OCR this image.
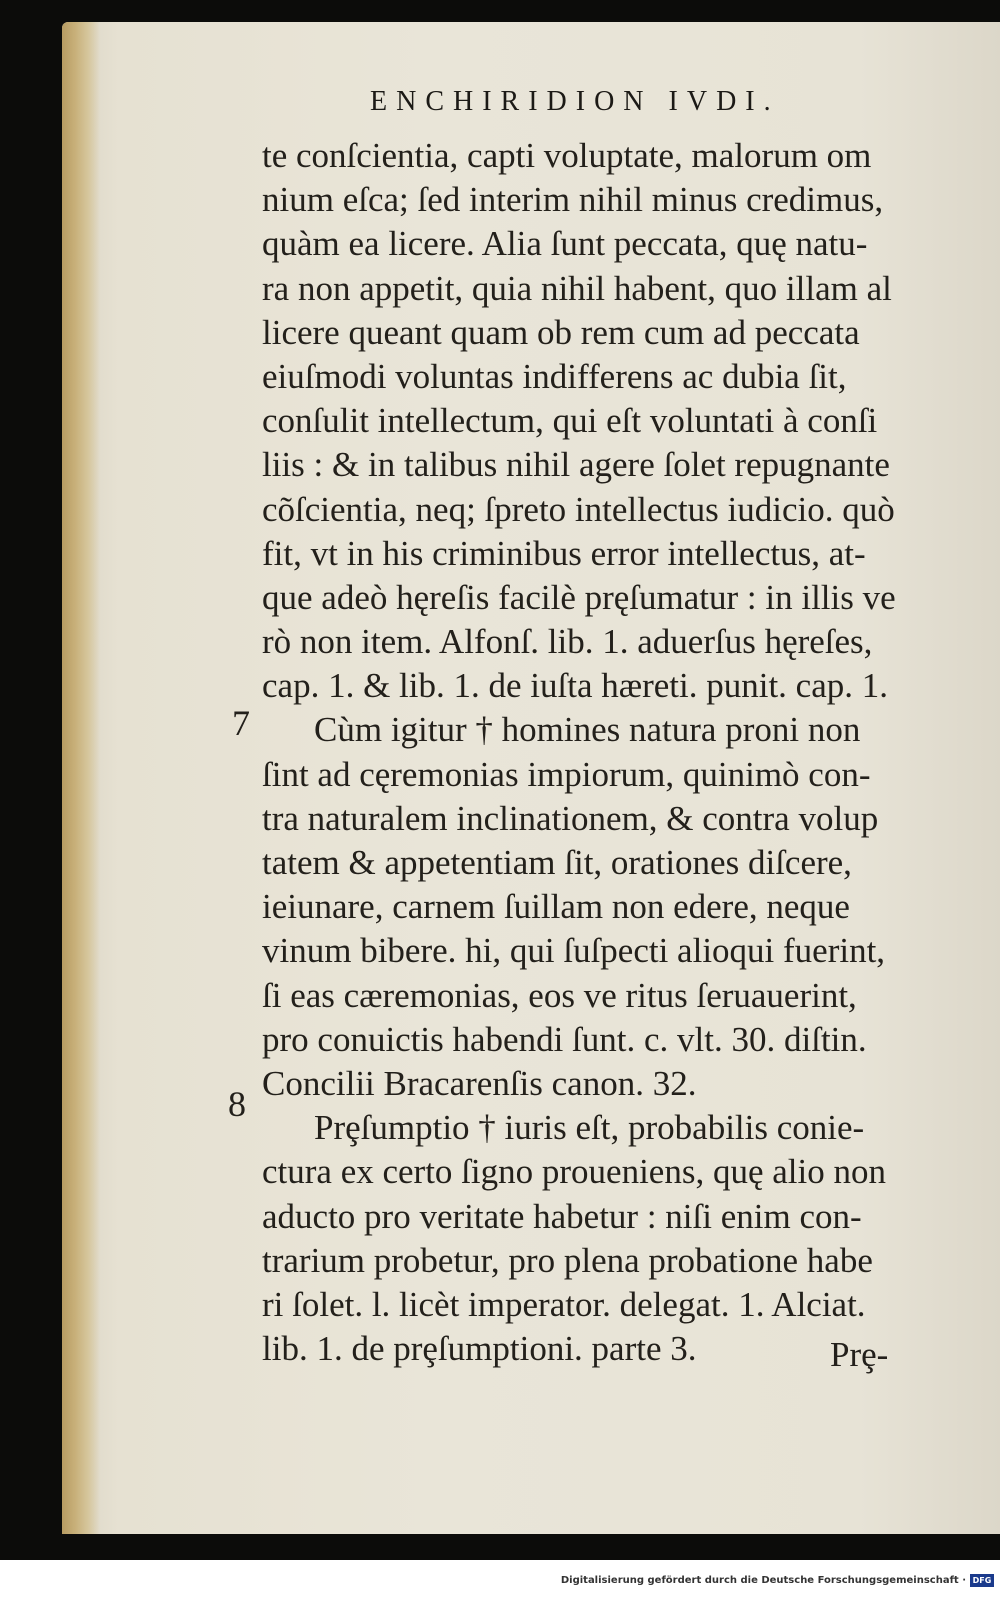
ENCHIRIDION IVDI.
te conſcientia, capti voluptate, malorum om
nium eſca; ſed interim nihil minus credimus,
quàm ea licere. Alia ſunt peccata, quę natu-
ra non appetit, quia nihil habent, quo illam al
licere queant quam ob rem cum ad peccata
eiuſmodi voluntas indifferens ac dubia ſit,
conſulit intellectum, qui eſt voluntati à conſi
liis : & in talibus nihil agere ſolet repugnante
cõſcientia, neq; ſpreto intellectus iudicio. quò
fit, vt in his criminibus error intellectus, at-
que adeò hęreſis facilè pręſumatur : in illis ve
rò non item. Alfonſ. lib. 1. aduerſus hęreſes,
cap. 1. & lib. 1. de iuſta hæreti. punit. cap. 1.
Cùm igitur † homines natura proni non
ſint ad cęremonias impiorum, quinimò con-
tra naturalem inclinationem, & contra volup
tatem & appetentiam ſit, orationes diſcere,
ieiunare, carnem ſuillam non edere, neque
vinum bibere. hi, qui ſuſpecti alioqui fuerint,
ſi eas cæremonias, eos ve ritus ſeruauerint,
pro conuictis habendi ſunt. c. vlt. 30. diſtin.
Concilii Bracarenſis canon. 32.
Prȩſumptio † iuris eſt, probabilis conie-
ctura ex certo ſigno proueniens, quę alio non
aducto pro veritate habetur : niſi enim con-
trarium probetur, pro plena probatione habe
ri ſolet. l. licèt imperator. delegat. 1. Alciat.
lib. 1. de prȩſumptioni. parte 3.
7
8
Prȩ-
Digitalisierung gefördert durch die Deutsche Forschungsgemeinschaft · DFG
